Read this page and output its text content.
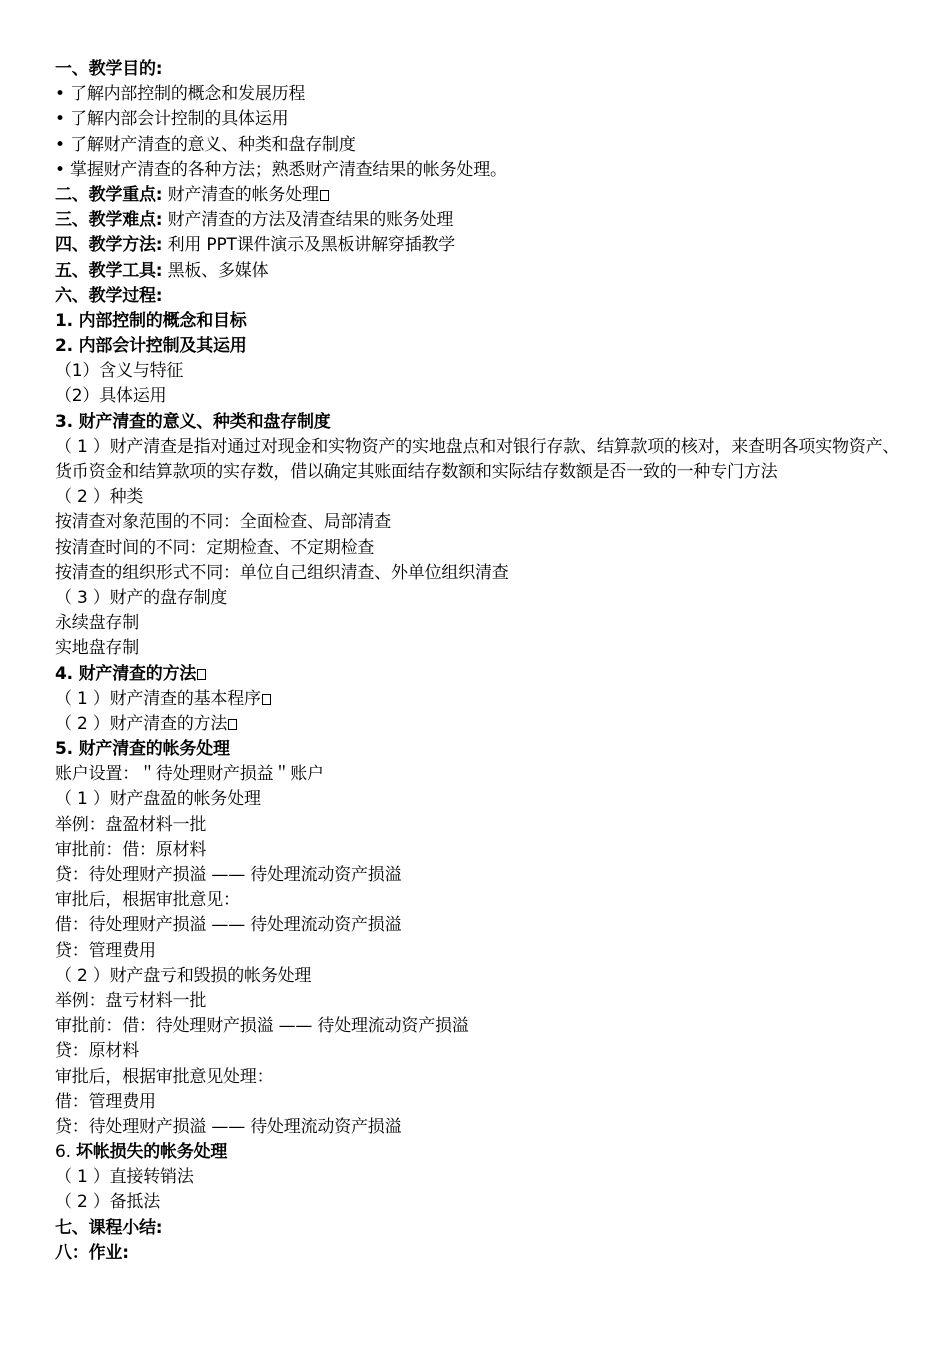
一、教学目的:
• 了解内部控制的概念和发展历程
• 了解内部会计控制的具体运用
• 了解财产清查的意义、种类和盘存制度
• 掌握财产清查的各种方法；熟悉财产清查结果的帐务处理。
二、教学重点: 财产清查的帐务处理
三、教学难点: 财产清查的方法及清查结果的账务处理
四、教学方法: 利用 PPT课件演示及黑板讲解穿插教学
五、教学工具: 黑板、多媒体
六、教学过程:
1. 内部控制的概念和目标
2. 内部会计控制及其运用
（1）含义与特征
（2）具体运用
3. 财产清查的意义、种类和盘存制度
（ 1 ）财产清查是指对通过对现金和实物资产的实地盘点和对银行存款、结算款项的核对，来查明各项实物资产、货币资金和结算款项的实存数，借以确定其账面结存数额和实际结存数额是否一致的一种专门方法
（ 2 ）种类
按清查对象范围的不同：全面检查、局部清查
按清查时间的不同：定期检查、不定期检查
按清查的组织形式不同：单位自己组织清查、外单位组织清查
（ 3 ）财产的盘存制度
永续盘存制
实地盘存制
4. 财产清查的方法
（ 1 ）财产清查的基本程序
（ 2 ）财产清查的方法
5. 财产清查的帐务处理
账户设置：＂待处理财产损益＂账户
（ 1 ）财产盘盈的帐务处理
举例：盘盈材料一批
审批前：借：原材料
贷：待处理财产损溢 —— 待处理流动资产损溢
审批后，根据审批意见：
借：待处理财产损溢 —— 待处理流动资产损溢
贷：管理费用
（ 2 ）财产盘亏和毁损的帐务处理
举例：盘亏材料一批
审批前：借：待处理财产损溢 —— 待处理流动资产损溢
贷：原材料
审批后，根据审批意见处理：
借：管理费用
贷：待处理财产损溢 —— 待处理流动资产损溢
6. 坏帐损失的帐务处理
（ 1 ）直接转销法
（ 2 ）备抵法
七、课程小结:
八：作业:
